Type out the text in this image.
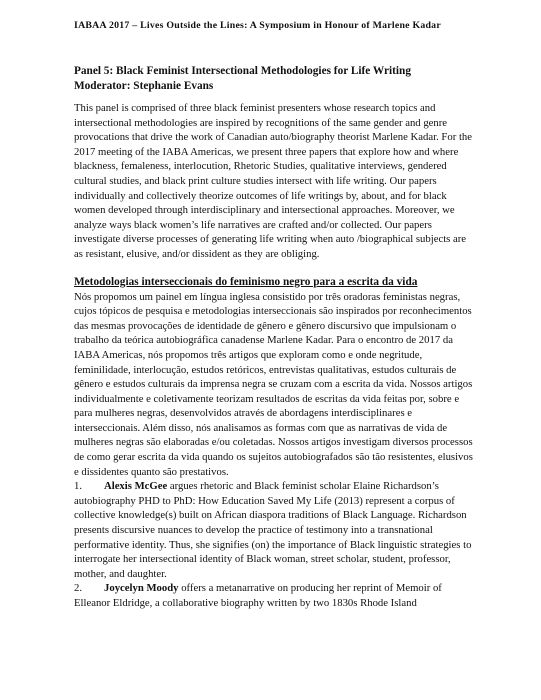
IABAA 2017 – Lives Outside the Lines: A Symposium in Honour of Marlene Kadar
Panel 5: Black Feminist Intersectional Methodologies for Life Writing
Moderator: Stephanie Evans

This panel is comprised of three black feminist presenters whose research topics and intersectional methodologies are inspired by recognitions of the same gender and genre provocations that drive the work of Canadian auto/biography theorist Marlene Kadar. For the 2017 meeting of the IABA Americas, we present three papers that explore how and where blackness, femaleness, interlocution, Rhetoric Studies, qualitative interviews, gendered cultural studies, and black print culture studies intersect with life writing. Our papers individually and collectively theorize outcomes of life writings by, about, and for black women developed through interdisciplinary and intersectional approaches. Moreover, we analyze ways black women’s life narratives are crafted and/or collected. Our papers investigate diverse processes of generating life writing when auto /biographical subjects are as resistant, elusive, and/or dissident as they are obliging.

Metodologias interseccionais do feminismo negro para a escrita da vida

Nós propomos um painel em língua inglesa consistido por três oradoras feministas negras, cujos tópicos de pesquisa e metodologias interseccionais são inspirados por reconhecimentos das mesmas provocações de identidade de gênero e gênero discursivo que impulsionam o trabalho da teórica autobiográfica canadense Marlene Kadar. Para o encontro de 2017 da IABA Americas, nós propomos três artigos que exploram como e onde negritude, feminilidade, interlocução, estudos retóricos, entrevistas qualitativas, estudos culturais de gênero e estudos culturais da imprensa negra se cruzam com a escrita da vida. Nossos artigos individualmente e coletivamente teorizam resultados de escritas da vida feitas por, sobre e para mulheres negras, desenvolvidos através de abordagens interdisciplinares e interseccionais. Além disso, nós analisamos as formas com que as narrativas de vida de mulheres negras são elaboradas e/ou coletadas. Nossos artigos investigam diversos processos de como gerar escrita da vida quando os sujeitos autobiografados são tão resistentes, elusivos e dissidentes quanto são prestativos.

1. Alexis McGee argues rhetoric and Black feminist scholar Elaine Richardson’s autobiography PHD to PhD: How Education Saved My Life (2013) represent a corpus of collective knowledge(s) built on African diaspora traditions of Black Language. Richardson presents discursive nuances to develop the practice of testimony into a transnational performative identity. Thus, she signifies (on) the importance of Black linguistic strategies to interrogate her intersectional identity of Black woman, street scholar, student, professor, mother, and daughter.

2. Joycelyn Moody offers a metanarrative on producing her reprint of Memoir of Elleanor Eldridge, a collaborative biography written by two 1830s Rhode Island
